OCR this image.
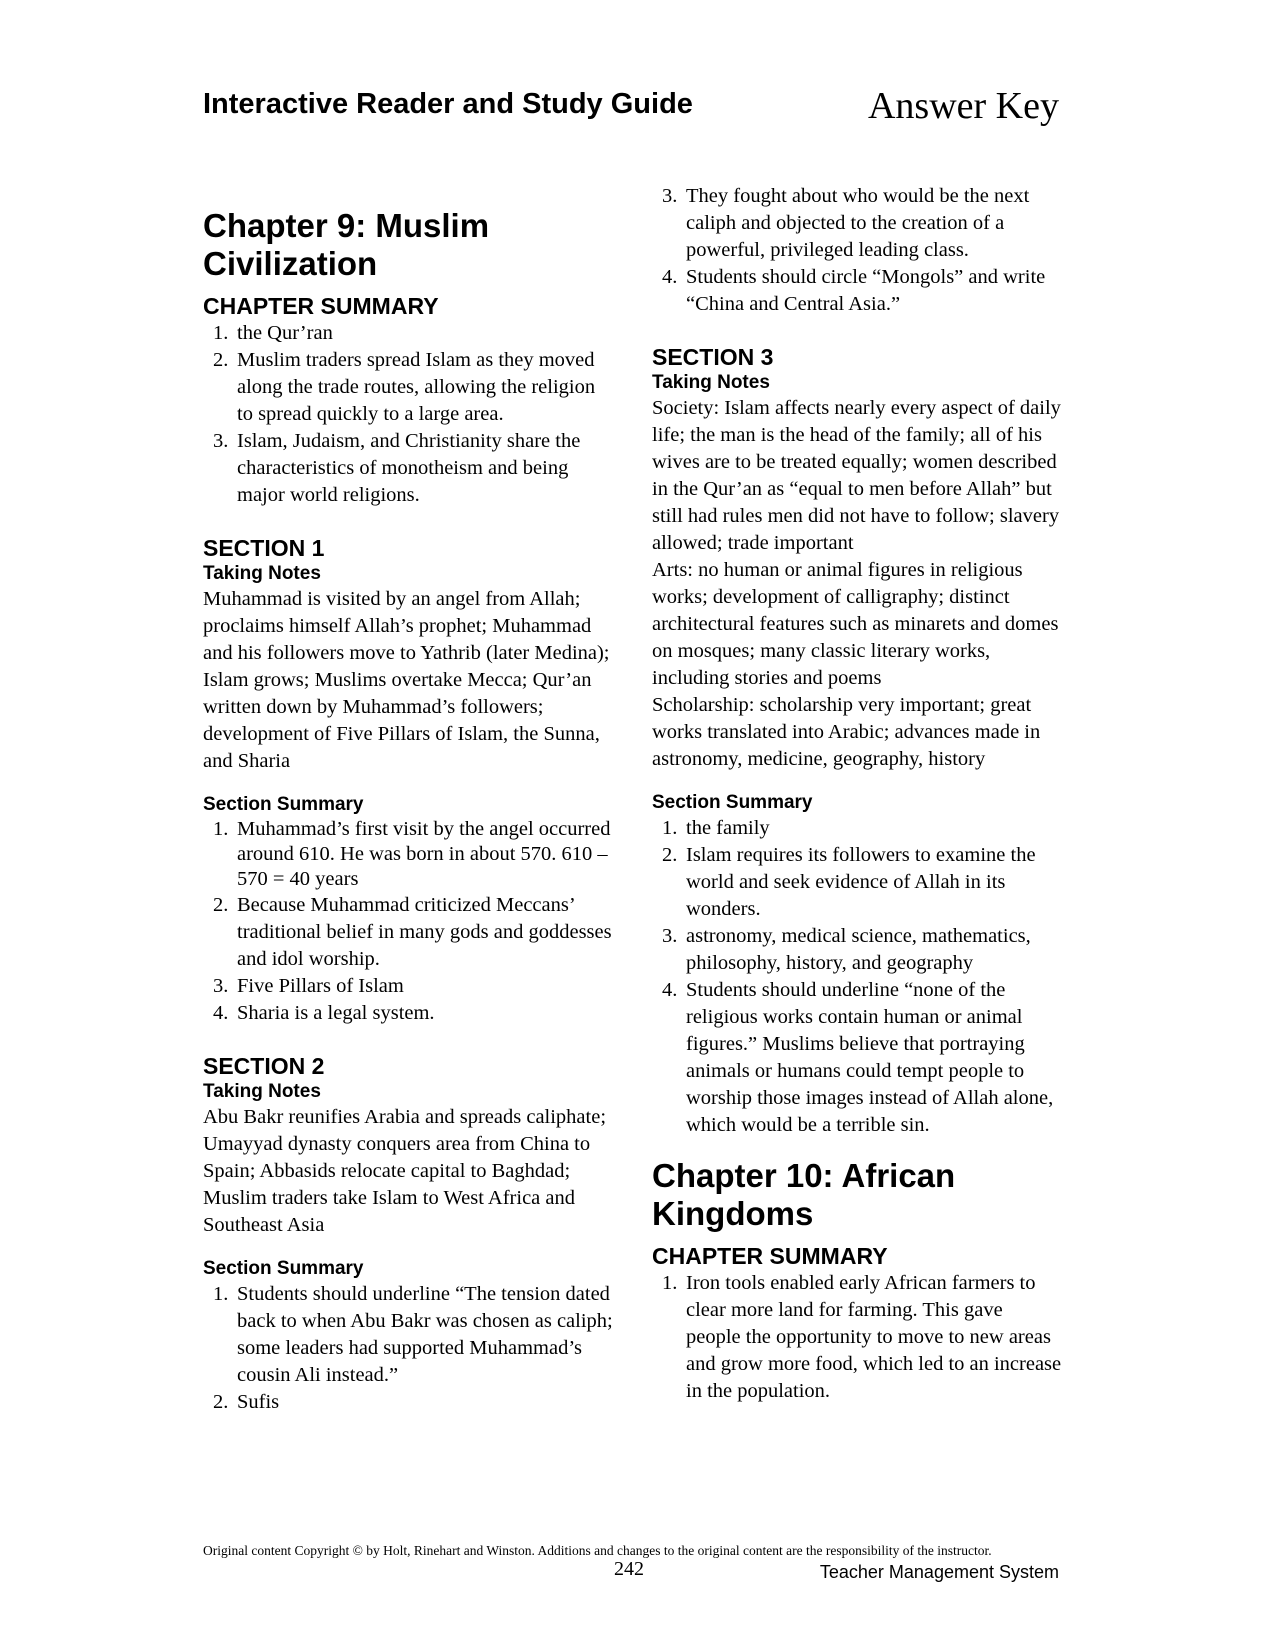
Interactive Reader and Study Guide	Answer Key
Chapter 9: Muslim Civilization
CHAPTER SUMMARY
1. the Qur’ran
2. Muslim traders spread Islam as they moved along the trade routes, allowing the religion to spread quickly to a large area.
3. Islam, Judaism, and Christianity share the characteristics of monotheism and being major world religions.
SECTION 1
Taking Notes

Muhammad is visited by an angel from Allah; proclaims himself Allah’s prophet; Muhammad and his followers move to Yathrib (later Medina); Islam grows; Muslims overtake Mecca; Qur’an written down by Muhammad’s followers; development of Five Pillars of Islam, the Sunna, and Sharia

Section Summary
1. Muhammad’s first visit by the angel occurred around 610. He was born in about 570. 610 – 570 = 40 years
2. Because Muhammad criticized Meccans’ traditional belief in many gods and goddesses and idol worship.
3. Five Pillars of Islam
4. Sharia is a legal system.
SECTION 2
Taking Notes

Abu Bakr reunifies Arabia and spreads caliphate; Umayyad dynasty conquers area from China to Spain; Abbasids relocate capital to Baghdad; Muslim traders take Islam to West Africa and Southeast Asia

Section Summary
1. Students should underline “The tension dated back to when Abu Bakr was chosen as caliph; some leaders had supported Muhammad’s cousin Ali instead.”
2. Sufis
3. They fought about who would be the next caliph and objected to the creation of a powerful, privileged leading class.
4. Students should circle “Mongols” and write “China and Central Asia.”
SECTION 3
Taking Notes

Society: Islam affects nearly every aspect of daily life; the man is the head of the family; all of his wives are to be treated equally; women described in the Qur’an as “equal to men before Allah” but still had rules men did not have to follow; slavery allowed; trade important

Arts: no human or animal figures in religious works; development of calligraphy; distinct architectural features such as minarets and domes on mosques; many classic literary works, including stories and poems

Scholarship: scholarship very important; great works translated into Arabic; advances made in astronomy, medicine, geography, history

Section Summary
1. the family
2. Islam requires its followers to examine the world and seek evidence of Allah in its wonders.
3. astronomy, medical science, mathematics, philosophy, history, and geography
4. Students should underline “none of the religious works contain human or animal figures.” Muslims believe that portraying animals or humans could tempt people to worship those images instead of Allah alone, which would be a terrible sin.
Chapter 10: African Kingdoms
CHAPTER SUMMARY
1. Iron tools enabled early African farmers to clear more land for farming. This gave people the opportunity to move to new areas and grow more food, which led to an increase in the population.
Original content Copyright © by Holt, Rinehart and Winston. Additions and changes to the original content are the responsibility of the instructor.
242	Teacher Management System
